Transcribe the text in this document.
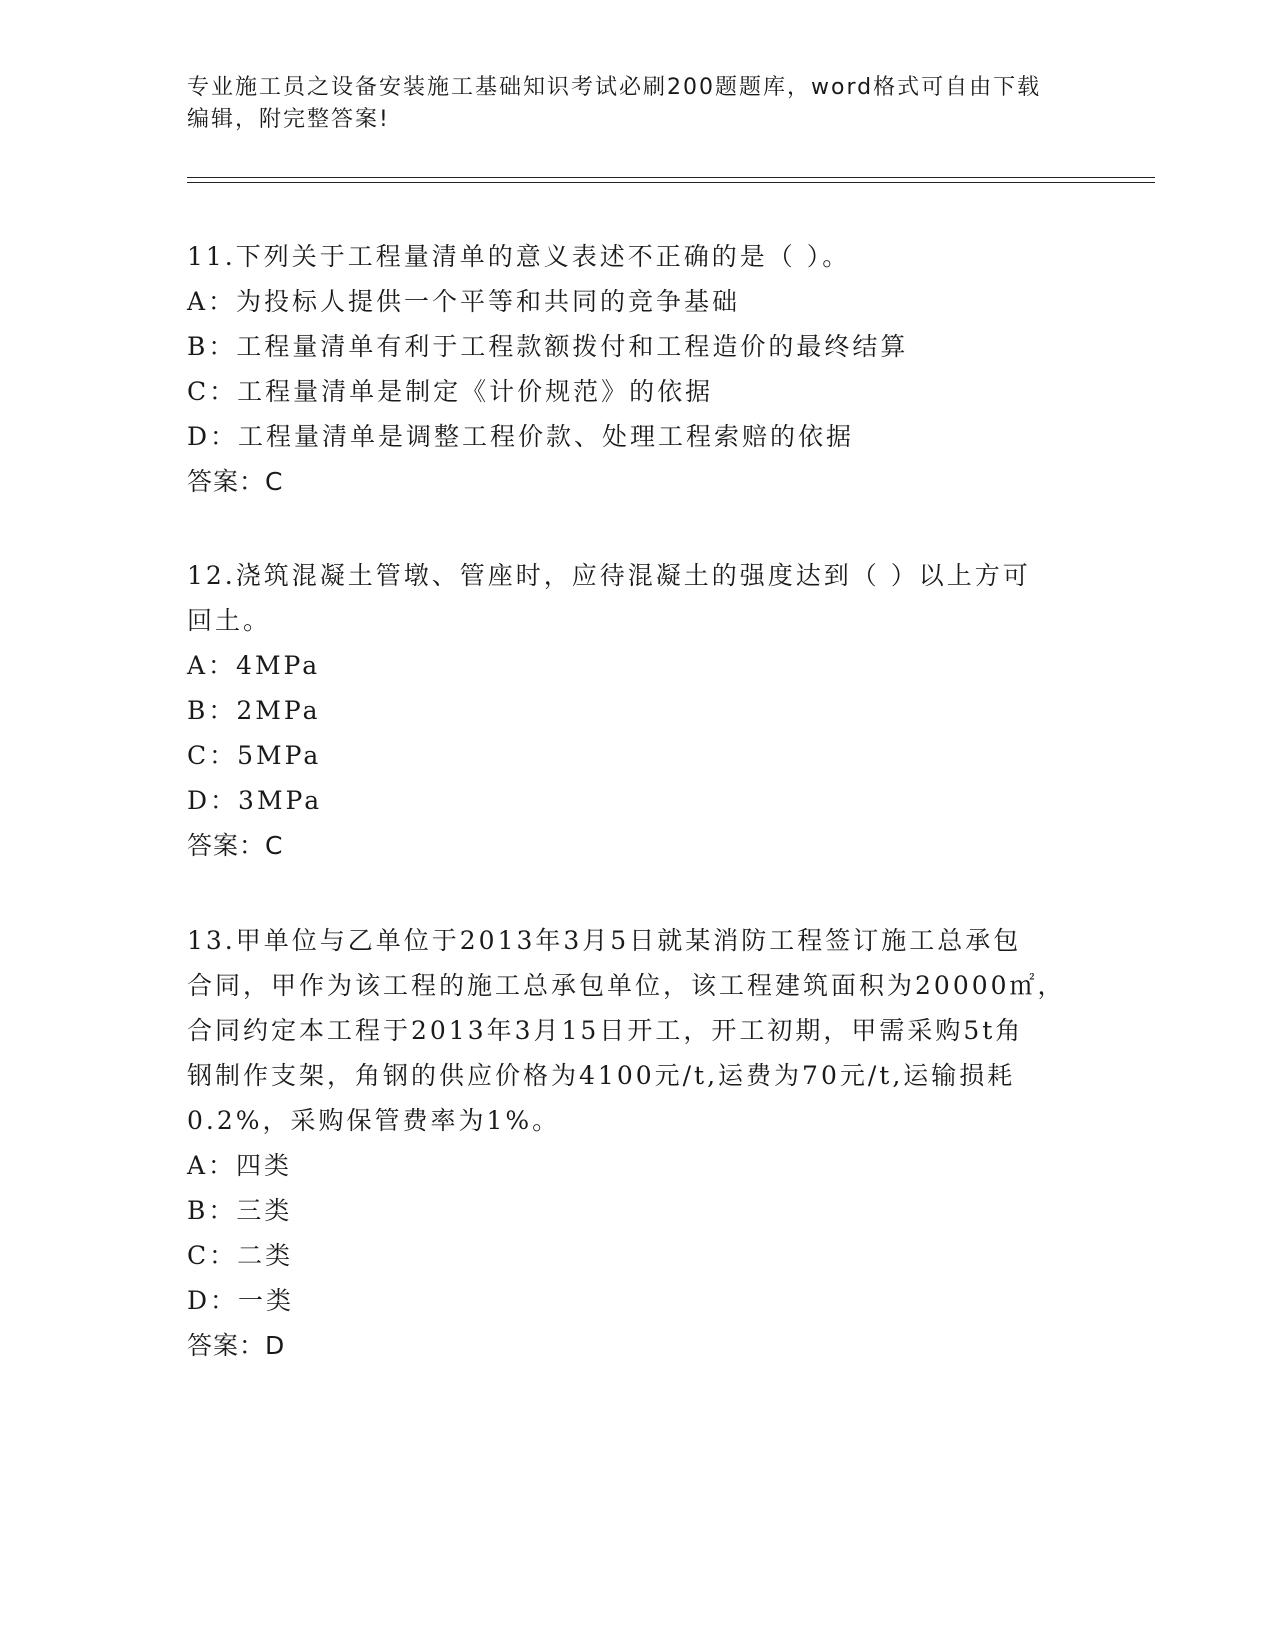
专业施工员之设备安装施工基础知识考试必刷200题题库，word格式可自由下载
编辑，附完整答案!
11.下列关于工程量清单的意义表述不正确的是（ ）。
A：为投标人提供一个平等和共同的竞争基础
B：工程量清单有利于工程款额拨付和工程造价的最终结算
C：工程量清单是制定《计价规范》的依据
D：工程量清单是调整工程价款、处理工程索赔的依据
答案：C
12.浇筑混凝土管墩、管座时，应待混凝土的强度达到（ ）以上方可
回土。
A：4MPa
B：2MPa
C：5MPa
D：3MPa
答案：C
13.甲单位与乙单位于2013年3月5日就某消防工程签订施工总承包
合同，甲作为该工程的施工总承包单位，该工程建筑面积为20000㎡，
合同约定本工程于2013年3月15日开工，开工初期，甲需采购5t角
钢制作支架，角钢的供应价格为4100元/t,运费为70元/t,运输损耗
0.2%，采购保管费率为1%。
A：四类
B：三类
C：二类
D：一类
答案：D
